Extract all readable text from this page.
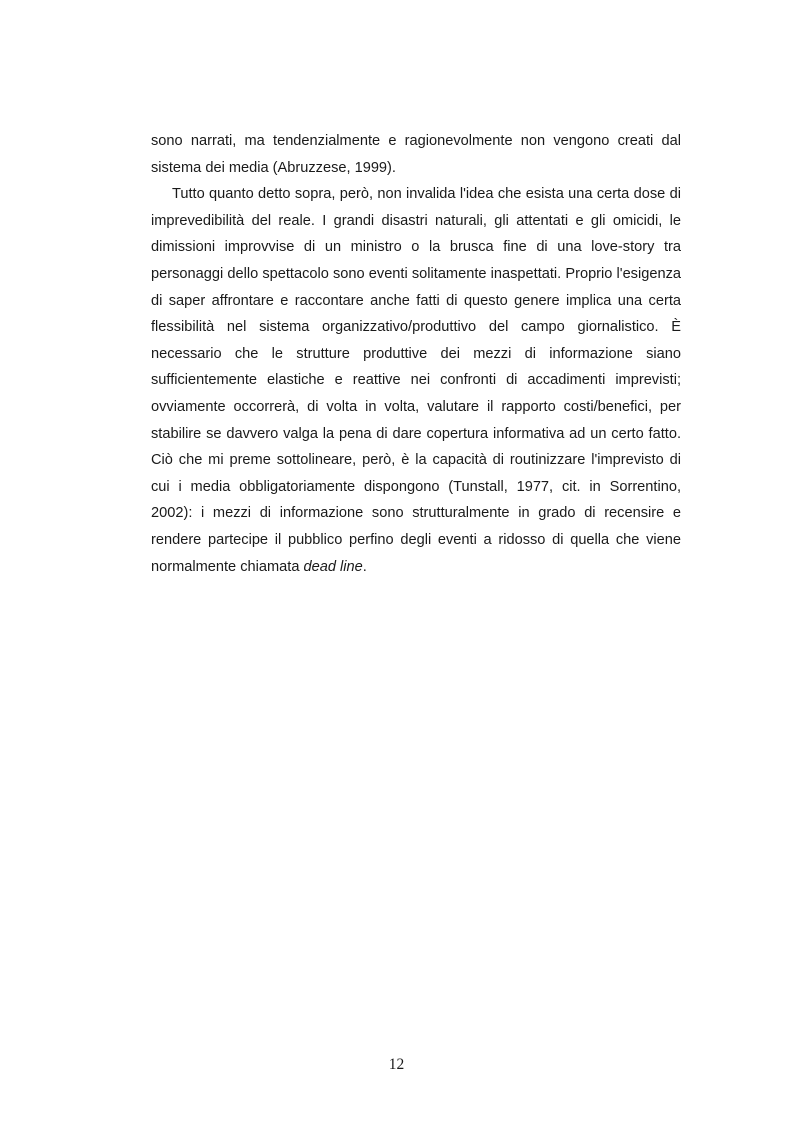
sono narrati, ma tendenzialmente e ragionevolmente non vengono creati dal sistema dei media (Abruzzese, 1999).

Tutto quanto detto sopra, però, non invalida l'idea che esista una certa dose di imprevedibilità del reale. I grandi disastri naturali, gli attentati e gli omicidi, le dimissioni improvvise di un ministro o la brusca fine di una love-story tra personaggi dello spettacolo sono eventi solitamente inaspettati. Proprio l'esigenza di saper affrontare e raccontare anche fatti di questo genere implica una certa flessibilità nel sistema organizzativo/produttivo del campo giornalistico. È necessario che le strutture produttive dei mezzi di informazione siano sufficientemente elastiche e reattive nei confronti di accadimenti imprevisti; ovviamente occorrerà, di volta in volta, valutare il rapporto costi/benefici, per stabilire se davvero valga la pena di dare copertura informativa ad un certo fatto. Ciò che mi preme sottolineare, però, è la capacità di routinizzare l'imprevisto di cui i media obbligatoriamente dispongono (Tunstall, 1977, cit. in Sorrentino, 2002): i mezzi di informazione sono strutturalmente in grado di recensire e rendere partecipe il pubblico perfino degli eventi a ridosso di quella che viene normalmente chiamata dead line.

12
